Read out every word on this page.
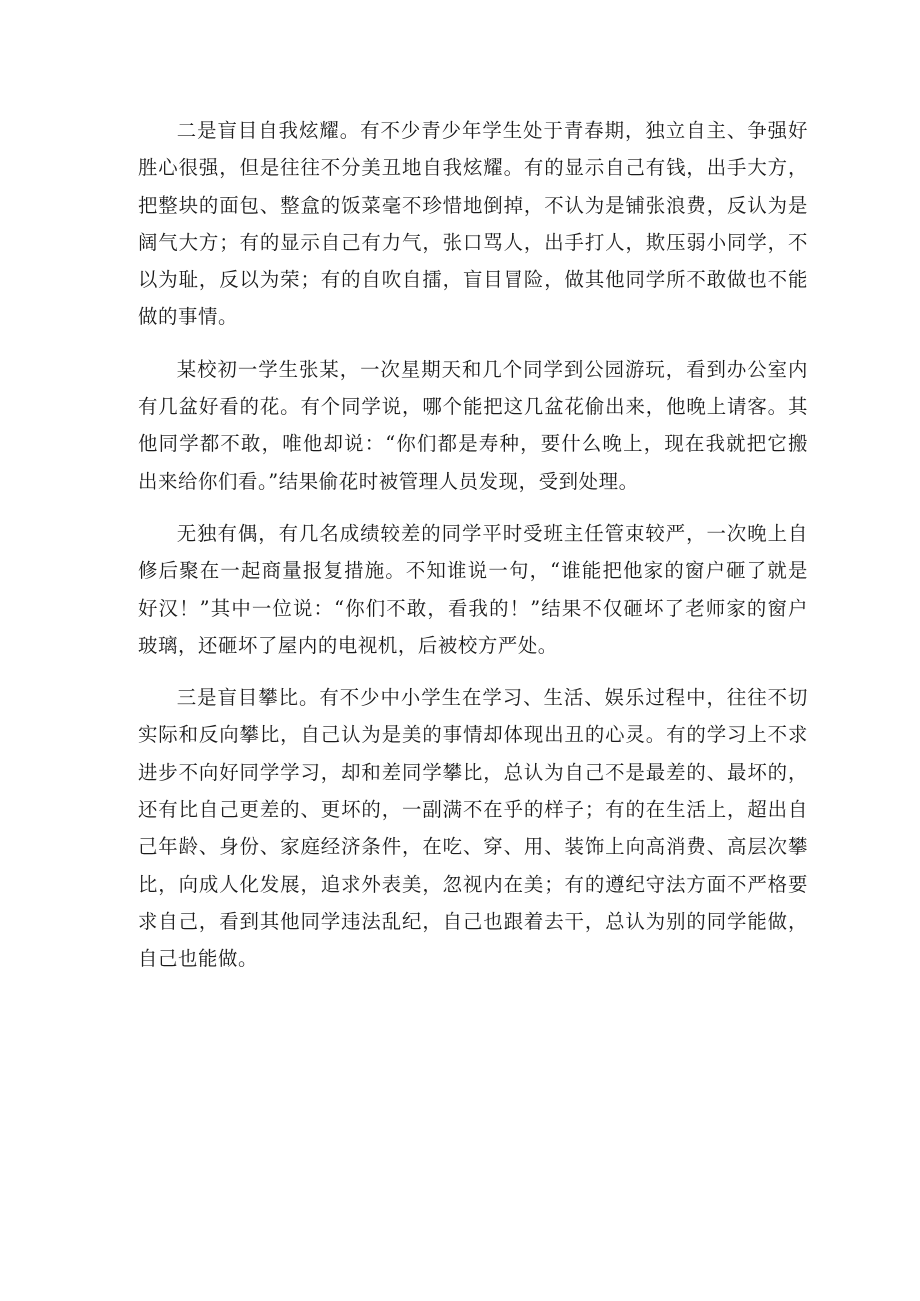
二是盲目自我炫耀。有不少青少年学生处于青春期，独立自主、争强好胜心很强，但是往往不分美丑地自我炫耀。有的显示自己有钱，出手大方，把整块的面包、整盒的饭菜毫不珍惜地倒掉，不认为是铺张浪费，反认为是阔气大方；有的显示自己有力气，张口骂人，出手打人，欺压弱小同学，不以为耻，反以为荣；有的自吹自擂，盲目冒险，做其他同学所不敢做也不能做的事情。

某校初一学生张某，一次星期天和几个同学到公园游玩，看到办公室内有几盆好看的花。有个同学说，哪个能把这几盆花偷出来，他晚上请客。其他同学都不敢，唯他却说：“你们都是寿种，要什么晚上，现在我就把它搬出来给你们看。”结果偷花时被管理人员发现，受到处理。

无独有偶，有几名成绩较差的同学平时受班主任管束较严，一次晚上自修后聚在一起商量报复措施。不知谁说一句，“谁能把他家的窗户砸了就是好汉！”其中一位说：“你们不敢，看我的！”结果不仅砸坏了老师家的窗户玻璃，还砸坏了屋内的电视机，后被校方严处。

三是盲目攀比。有不少中小学生在学习、生活、娱乐过程中，往往不切实际和反向攀比，自己认为是美的事情却体现出丑的心灵。有的学习上不求进步不向好同学学习，却和差同学攀比，总认为自己不是最差的、最坏的，还有比自己更差的、更坏的，一副满不在乎的样子；有的在生活上，超出自己年龄、身份、家庭经济条件，在吃、穿、用、装饰上向高消费、高层次攀比，向成人化发展，追求外表美，忽视内在美；有的遵纪守法方面不严格要求自己，看到其他同学违法乱纪，自己也跟着去干，总认为别的同学能做，自己也能做。
